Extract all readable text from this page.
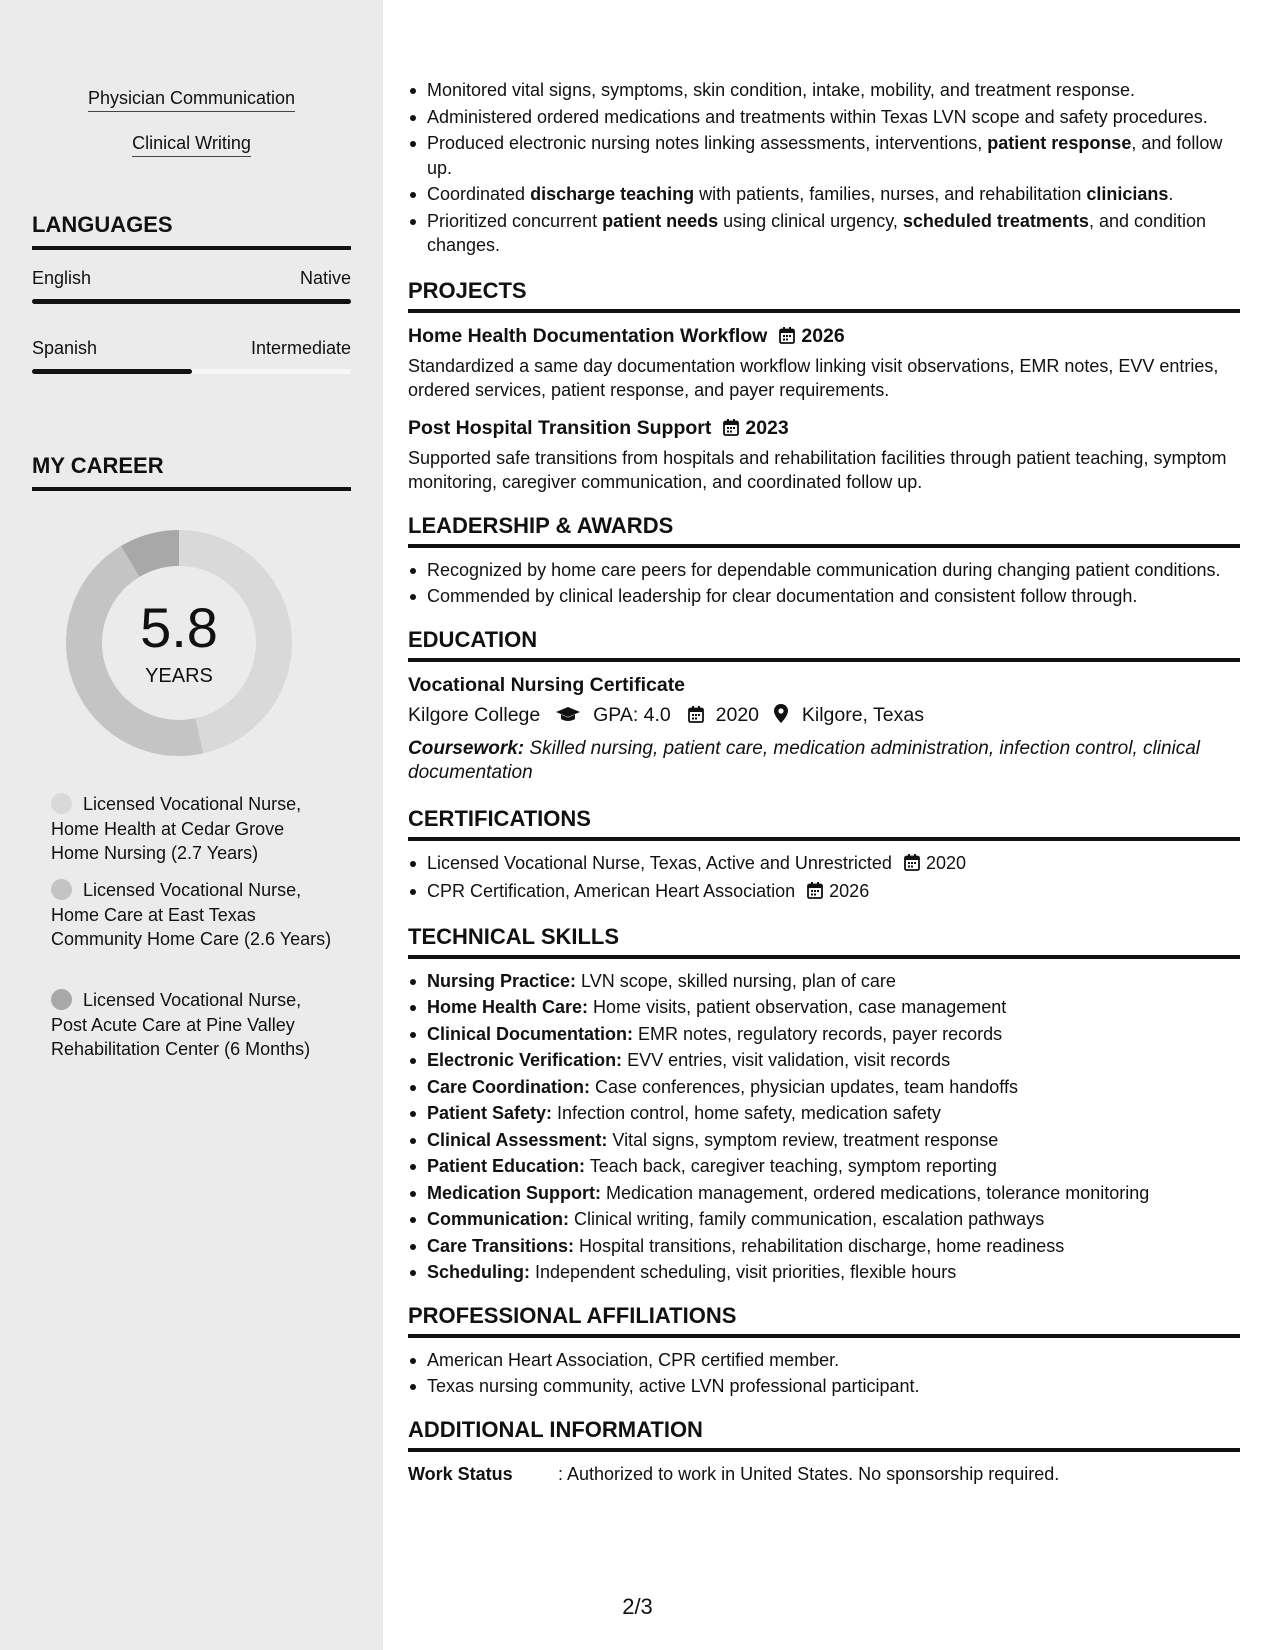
Physician Communication
Clinical Writing
LANGUAGES
English	Native
Spanish	Intermediate
MY CAREER
5.8
YEARS
Licensed Vocational Nurse, Home Health at Cedar Grove Home Nursing (2.7 Years)
Licensed Vocational Nurse, Home Care at East Texas Community Home Care (2.6 Years)
Licensed Vocational Nurse, Post Acute Care at Pine Valley Rehabilitation Center (6 Months)
Monitored vital signs, symptoms, skin condition, intake, mobility, and treatment response.
Administered ordered medications and treatments within Texas LVN scope and safety procedures.
Produced electronic nursing notes linking assessments, interventions, patient response, and follow up.
Coordinated discharge teaching with patients, families, nurses, and rehabilitation clinicians.
Prioritized concurrent patient needs using clinical urgency, scheduled treatments, and condition changes.
PROJECTS
Home Health Documentation Workflow 2026
Standardized a same day documentation workflow linking visit observations, EMR notes, EVV entries, ordered services, patient response, and payer requirements.
Post Hospital Transition Support 2023
Supported safe transitions from hospitals and rehabilitation facilities through patient teaching, symptom monitoring, caregiver communication, and coordinated follow up.
LEADERSHIP & AWARDS
Recognized by home care peers for dependable communication during changing patient conditions.
Commended by clinical leadership for clear documentation and consistent follow through.
EDUCATION
Vocational Nursing Certificate
Kilgore College	GPA: 4.0 2020 Kilgore, Texas
Coursework: Skilled nursing, patient care, medication administration, infection control, clinical documentation
CERTIFICATIONS
Licensed Vocational Nurse, Texas, Active and Unrestricted 2020
CPR Certification, American Heart Association 2026
TECHNICAL SKILLS
Nursing Practice: LVN scope, skilled nursing, plan of care
Home Health Care: Home visits, patient observation, case management
Clinical Documentation: EMR notes, regulatory records, payer records
Electronic Verification: EVV entries, visit validation, visit records
Care Coordination: Case conferences, physician updates, team handoffs
Patient Safety: Infection control, home safety, medication safety
Clinical Assessment: Vital signs, symptom review, treatment response
Patient Education: Teach back, caregiver teaching, symptom reporting
Medication Support: Medication management, ordered medications, tolerance monitoring
Communication: Clinical writing, family communication, escalation pathways
Care Transitions: Hospital transitions, rehabilitation discharge, home readiness
Scheduling: Independent scheduling, visit priorities, flexible hours
PROFESSIONAL AFFILIATIONS
American Heart Association, CPR certified member.
Texas nursing community, active LVN professional participant.
ADDITIONAL INFORMATION
Work Status	: Authorized to work in United States. No sponsorship required.
2/3
